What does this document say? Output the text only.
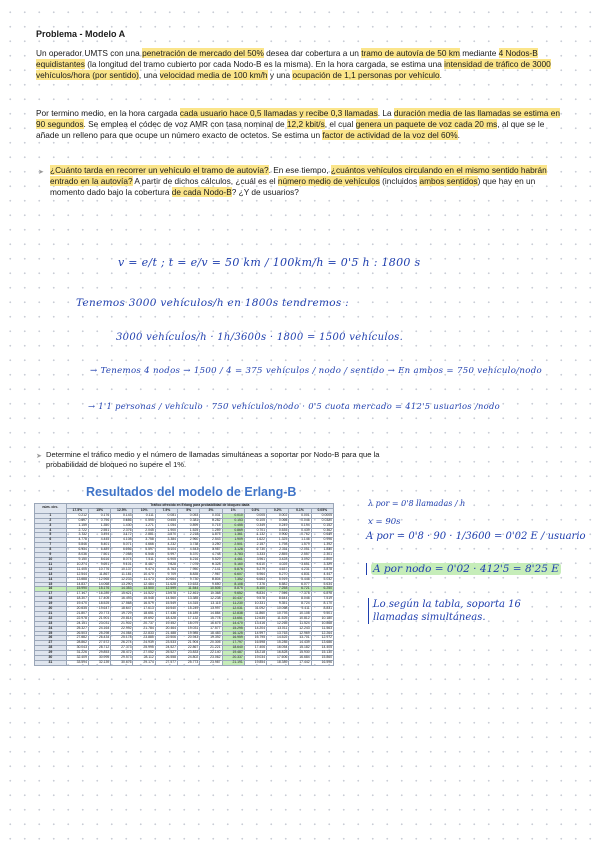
Problema - Modelo A
Un operador UMTS con una penetración de mercado del 50% desea dar cobertura a un tramo de autovía de 50 km mediante 4 Nodos-B equidistantes (la longitud del tramo cubierto por cada Nodo-B es la misma). En la hora cargada, se estima una intensidad de tráfico de 3000 vehículos/hora (por sentido), una velocidad media de 100 km/h y una ocupación de 1,1 personas por vehículo.
Por termino medio, en la hora cargada cada usuario hace 0,5 llamadas y recibe 0,3 llamadas. La duración media de las llamadas se estima en 90 segundos. Se emplea el códec de voz AMR con tasa nominal de 12,2 kbit/s, el cual genera un paquete de voz cada 20 ms, al que se le añade un relleno para que ocupe un número exacto de octetos. Se estima un factor de actividad de la voz del 60%.
➤ ¿Cuánto tarda en recorrer un vehículo el tramo de autovía?. En ese tiempo, ¿cuántos vehículos circulando en el mismo sentido habrán entrado en la autovía? A partir de dichos cálculos, ¿cuál es el número medio de vehículos (incluidos ambos sentidos) que hay en un momento dado bajo la cobertura de cada Nodo-B? ¿Y de usuarios?
v = e/t ; t = e/v = 50 km / 100km/h = 0'5 h : 1800 s
Tenemos 3000 vehículos/h en 1800s tendremos :
3000 vehículos/h · 1h/3600s · 1800 = 1500 vehículos.
→ Tenemos 4 nodos → 1500 / 4 = 375 vehículos / nodo / sentido → En ambos = 750 vehículo/nodo
→ 1'1 personas / vehículo · 750 vehículos/nodo · 0'5 cuota mercado = 412'5 usuarios /nodo
➤ Determine el tráfico medio y el número de llamadas simultáneas a soportar por Nodo-B para que la probabilidad de bloqueo no supere el 1%.
Resultados del modelo de Erlang-B
núm. circ.	Tráfico ofrecido en Erlang para probabilidad de bloqueo dada											
	17.5%	15%	12.5%	10%	7.5%	5%	3%	1%	0.5%	0.2%	0.1%	0.05%
1	0.212	0.176	0.143	0.111	0.081	0.053	0.031	0.010	0.005	0.002	0.001	0.0005
2	0.697	0.796	0.686	0.595	0.455	0.381	0.282	0.153	0.105	0.065	0.046	0.0320
3	1.159	1.350	1.430	1.271	1.054	0.899	0.715	0.455	0.349	0.249	0.194	0.152
4	2.722	2.551	2.376	2.045	1.900	1.525	1.259	0.869	0.701	0.535	0.439	0.362
5	3.732	3.494	3.172	2.881	2.570	2.218	1.875	1.361	1.132	0.900	0.762	0.649
6	4.778	4.445	4.108	3.758	3.384	2.960	2.543	1.909	1.622	1.325	1.146	0.996
7	5.846	5.401	5.071	4.666	4.232	3.738	3.250	2.501	2.157	1.798	1.579	1.392
8	6.934	6.489	6.056	5.597	5.104	4.543	3.987	3.128	2.730	2.311	2.051	1.830
9	8.036	7.501	7.058	6.546	5.997	5.370	4.748	3.783	3.333	2.855	2.557	2.301
10	9.150	8.616	8.074	7.511	6.905	6.216	5.529	4.461	3.961	3.428	3.092	2.800
11	10.274	9.691	9.101	8.487	7.828	7.076	6.328	5.160	4.610	4.022	3.651	3.329
12	11.405	10.776	10.137	9.474	8.763	7.950	7.141	5.876	5.279	4.637	4.231	3.878
13	12.544	11.867	11.181	10.470	9.709	8.835	7.967	6.607	5.964	5.270	4.831	4.447
14	13.688	12.965	12.233	11.473	10.664	9.730	8.804	7.352	6.663	5.919	5.446	5.032
15	14.837	14.068	13.290	12.484	11.628	10.633	9.650	8.108	7.376	6.582	6.077	5.634
16	15.990	15.176	14.353	13.500	12.599	11.544	10.505	8.875	8.100	7.258	6.721	6.250
17	17.147	16.289	15.421	14.522	13.578	12.461	11.368	9.652	8.834	7.946	7.378	6.878
18	18.307	17.405	16.493	15.548	14.560	13.385	12.238	10.437	9.578	8.644	8.046	7.519
19	19.470	18.525	17.568	16.579	15.549	14.315	13.115	11.230	10.331	9.351	8.724	8.170
20	20.635	19.647	18.647	17.613	16.540	15.249	13.997	12.031	11.092	10.068	9.411	8.831
21	21.807	20.773	19.729	18.651	17.436	16.189	14.884	12.838	11.860	10.793	10.108	9.501
22	22.978	21.901	20.814	19.692	18.428	17.132	15.778	13.651	12.635	11.525	10.812	10.180
23	24.151	23.031	21.902	20.737	19.452	18.079	16.675	14.470	13.416	12.265	11.524	10.868
24	25.327	24.164	22.992	21.784	20.464	19.031	17.577	15.295	14.204	13.011	12.243	11.563
25	26.503	25.298	24.084	22.833	21.488	19.985	18.483	16.125	14.997	13.763	12.969	12.264
26	27.682	26.434	25.178	23.885	22.506	20.943	19.392	16.959	15.795	14.522	13.701	12.972
27	28.862	27.572	26.274	24.939	23.533	21.904	20.305	17.797	16.598	15.285	14.439	13.686
28	30.043	28.712	27.373	25.995	24.527	22.867	21.221	18.640	17.406	16.054	15.182	14.405
29	31.226	29.853	28.472	27.052	25.527	23.833	22.140	19.487	18.218	16.828	15.930	15.130
30	32.409	30.995	29.573	28.112	26.558	24.802	23.062	20.337	19.034	17.606	16.684	15.860
31	33.594	32.139	30.676	29.174	27.577	25.773	23.987	21.191	19.854	18.389	17.442	16.596
λ por = 0'8 llamadas / h
x = 90s
A por = 0'8 · 90 · 1/3600 = 0'02 E / usuario
A por nodo = 0'02 · 412'5 = 8'25 E
Lo según la tabla, soporta 16 llamadas simultáneas.
